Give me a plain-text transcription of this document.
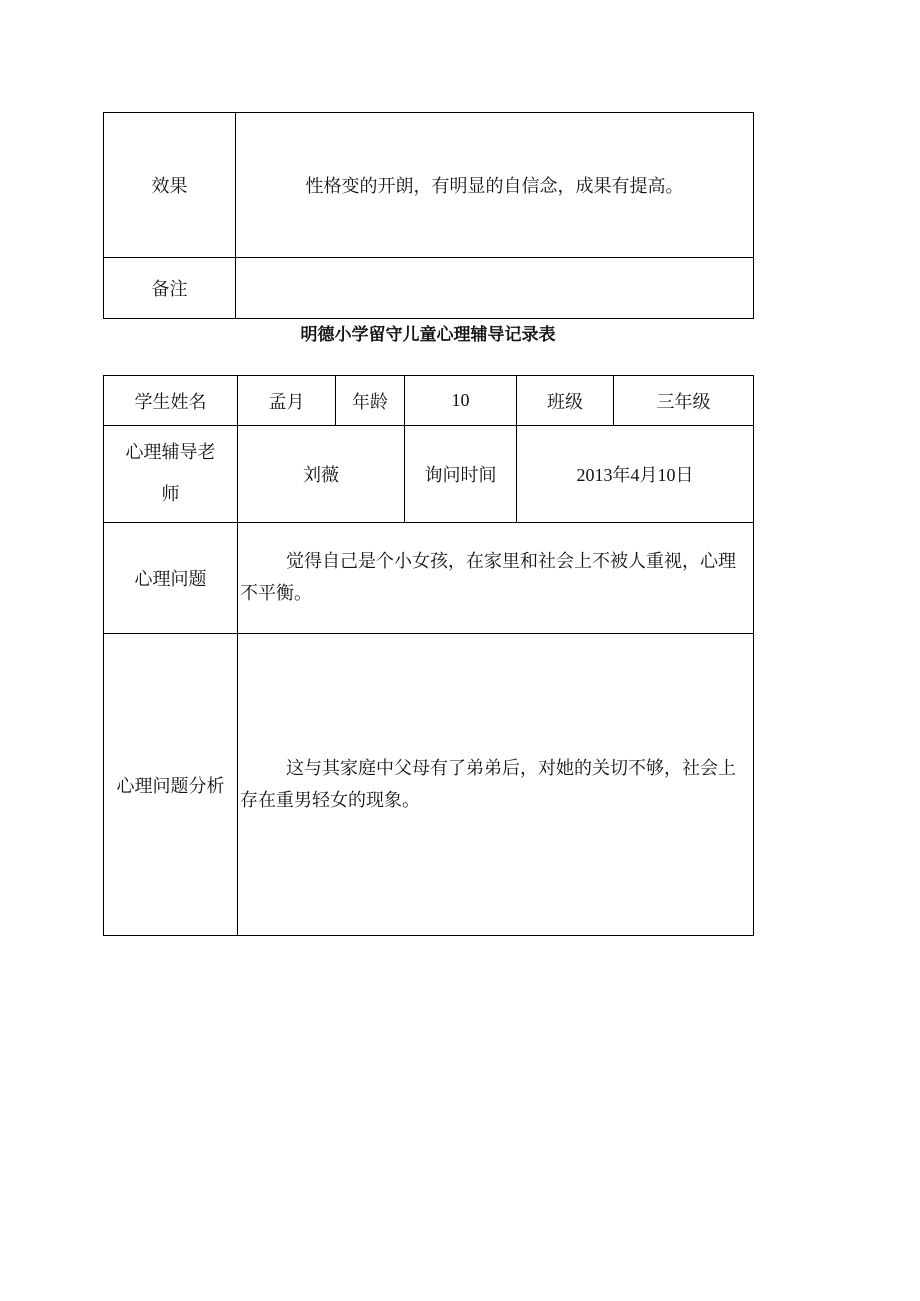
效果	性格变的开朗，有明显的自信念，成果有提高。
备注	
明德小学留守儿童心理辅导记录表
学生姓名	孟月	年龄	10	班级	三年级

心理辅导老
师	刘薇		询问时间	2013年4月10日	
心理问题	觉得自己是个小女孩，在家里和社会上不被人重视，心理不平衡。				
心理问题分析	这与其家庭中父母有了弟弟后，对她的关切不够，社会上存在重男轻女的现象。				
